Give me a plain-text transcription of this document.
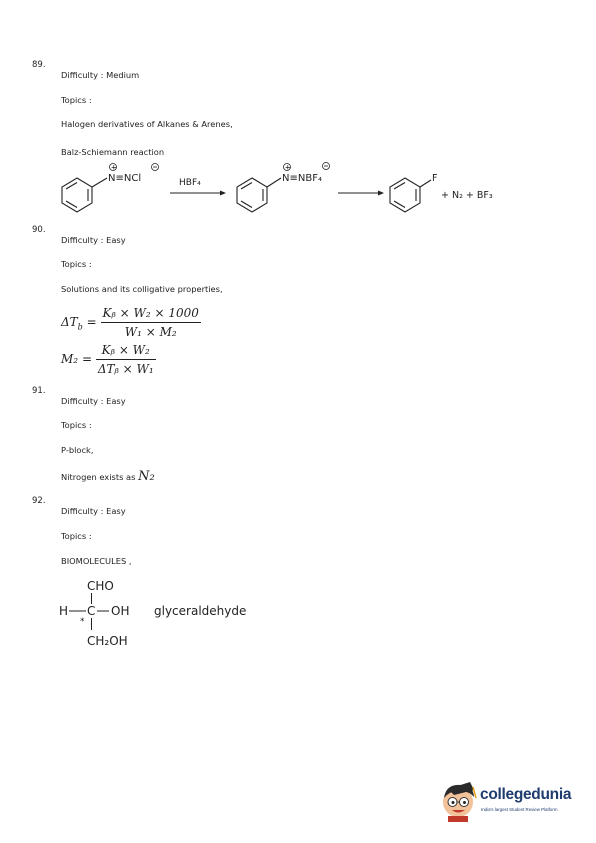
89.
Difficulty : Medium
Topics :
Halogen derivatives of Alkanes & Arenes,
Balz-Schiemann reaction
+
N≡NCl	HBF₄
+
N≡NBF₄	F
+ N₂ + BF₃
90.
Difficulty : Easy
Topics :
Solutions and its colligative properties,
$\Delta T_b = \frac{\text{Kᵦ × W₂ × 1000}}{\text{W₁ × M₂}}$
$M_2 = \frac{\text{Kᵦ × W₂}}{\text{ΔTᵦ × W₁}}$
91.
Difficulty : Easy
Topics :
P-block,
Nitrogen exists as N₂
92.
Difficulty : Easy
Topics :
BIOMOLECULES ,
CHO
H C OH
*
CH₂OH
glyceraldehyde
collegedunia
India's largest Student Review Platform
